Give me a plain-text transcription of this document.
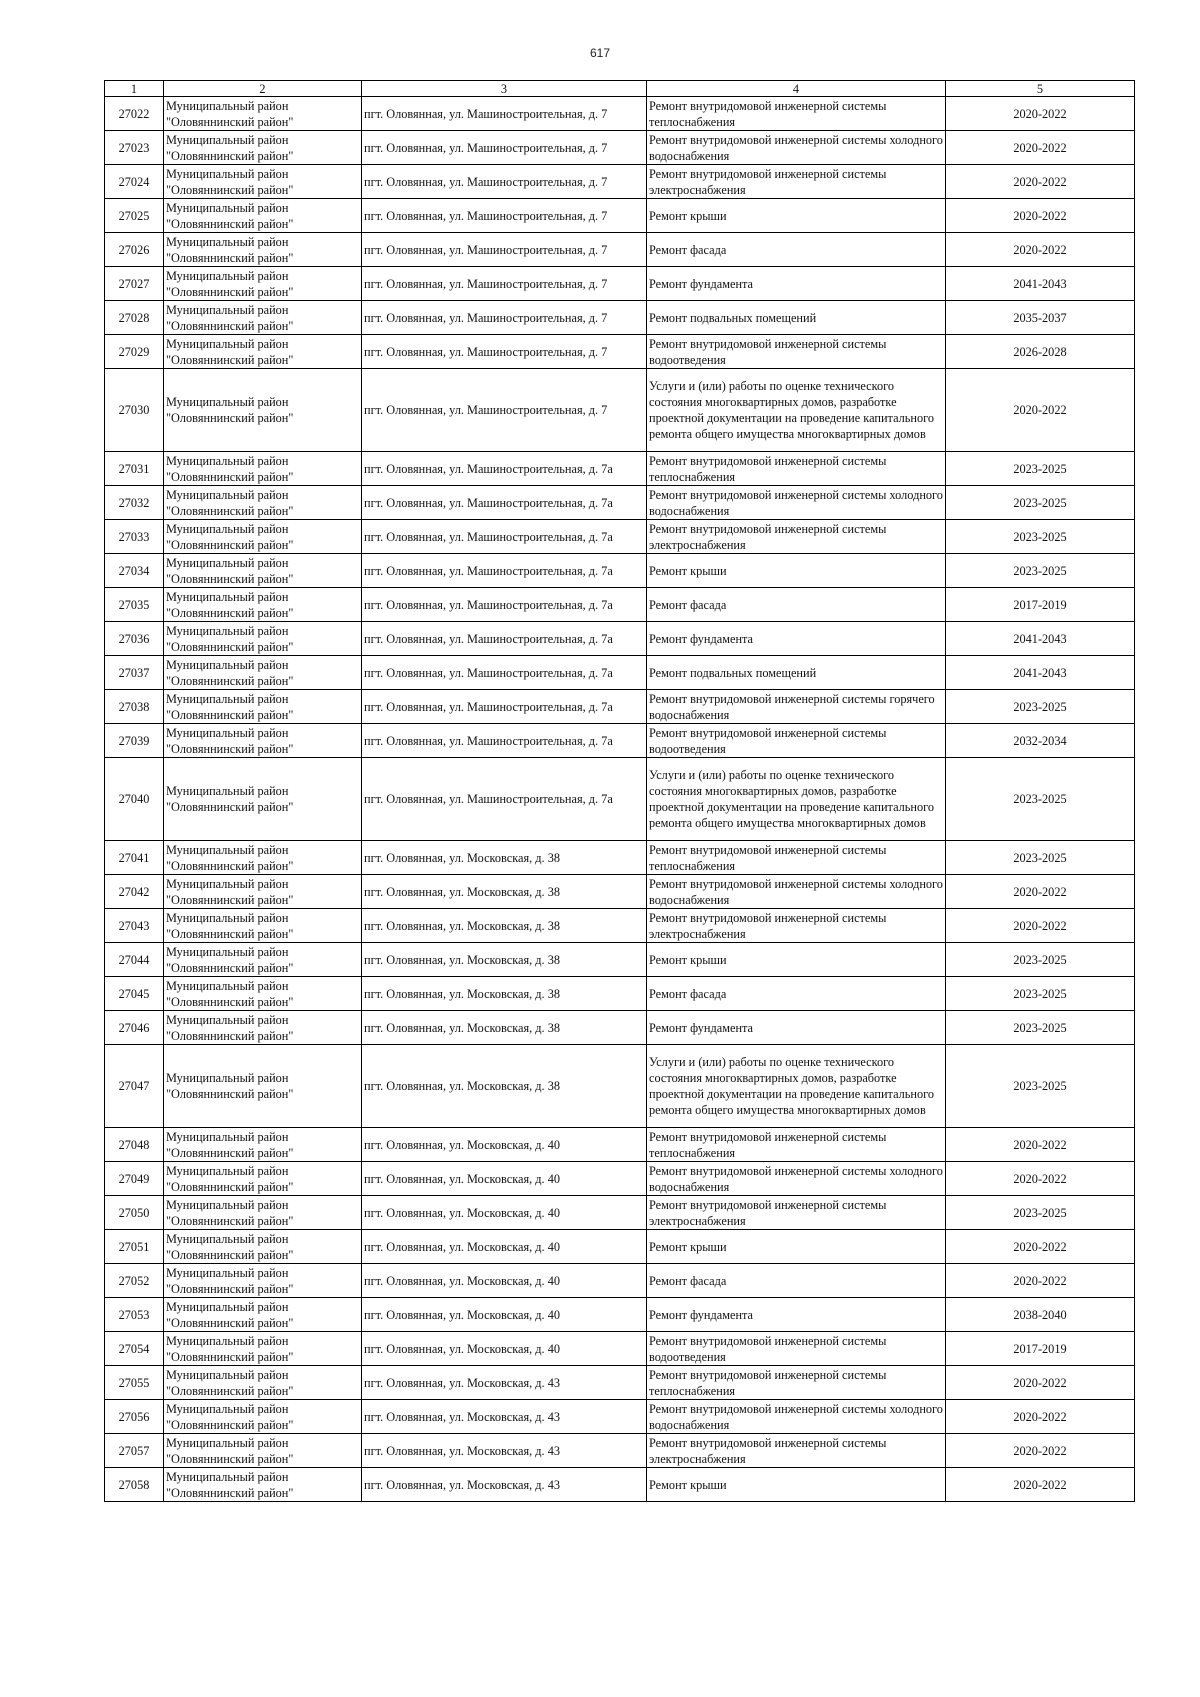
617
1	2	3	4	5
27022	Муниципальный район "Оловяннинский район"	пгт. Оловянная, ул. Машиностроительная, д. 7	Ремонт внутридомовой инженерной системы теплоснабжения	2020-2022
27023	Муниципальный район "Оловяннинский район"	пгт. Оловянная, ул. Машиностроительная, д. 7	Ремонт внутридомовой инженерной системы холодного водоснабжения	2020-2022
27024	Муниципальный район "Оловяннинский район"	пгт. Оловянная, ул. Машиностроительная, д. 7	Ремонт внутридомовой инженерной системы электроснабжения	2020-2022
27025	Муниципальный район "Оловяннинский район"	пгт. Оловянная, ул. Машиностроительная, д. 7	Ремонт крыши	2020-2022
27026	Муниципальный район "Оловяннинский район"	пгт. Оловянная, ул. Машиностроительная, д. 7	Ремонт фасада	2020-2022
27027	Муниципальный район "Оловяннинский район"	пгт. Оловянная, ул. Машиностроительная, д. 7	Ремонт фундамента	2041-2043
27028	Муниципальный район "Оловяннинский район"	пгт. Оловянная, ул. Машиностроительная, д. 7	Ремонт подвальных помещений	2035-2037
27029	Муниципальный район "Оловяннинский район"	пгт. Оловянная, ул. Машиностроительная, д. 7	Ремонт внутридомовой инженерной системы водоотведения	2026-2028
27030	Муниципальный район "Оловяннинский район"	пгт. Оловянная, ул. Машиностроительная, д. 7	Услуги и (или) работы по оценке технического состояния многоквартирных домов, разработке проектной документации на проведение капитального ремонта общего имущества многоквартирных домов	2020-2022
27031	Муниципальный район "Оловяннинский район"	пгт. Оловянная, ул. Машиностроительная, д. 7а	Ремонт внутридомовой инженерной системы теплоснабжения	2023-2025
27032	Муниципальный район "Оловяннинский район"	пгт. Оловянная, ул. Машиностроительная, д. 7а	Ремонт внутридомовой инженерной системы холодного водоснабжения	2023-2025
27033	Муниципальный район "Оловяннинский район"	пгт. Оловянная, ул. Машиностроительная, д. 7а	Ремонт внутридомовой инженерной системы электроснабжения	2023-2025
27034	Муниципальный район "Оловяннинский район"	пгт. Оловянная, ул. Машиностроительная, д. 7а	Ремонт крыши	2023-2025
27035	Муниципальный район "Оловяннинский район"	пгт. Оловянная, ул. Машиностроительная, д. 7а	Ремонт фасада	2017-2019
27036	Муниципальный район "Оловяннинский район"	пгт. Оловянная, ул. Машиностроительная, д. 7а	Ремонт фундамента	2041-2043
27037	Муниципальный район "Оловяннинский район"	пгт. Оловянная, ул. Машиностроительная, д. 7а	Ремонт подвальных помещений	2041-2043
27038	Муниципальный район "Оловяннинский район"	пгт. Оловянная, ул. Машиностроительная, д. 7а	Ремонт внутридомовой инженерной системы горячего водоснабжения	2023-2025
27039	Муниципальный район "Оловяннинский район"	пгт. Оловянная, ул. Машиностроительная, д. 7а	Ремонт внутридомовой инженерной системы водоотведения	2032-2034
27040	Муниципальный район "Оловяннинский район"	пгт. Оловянная, ул. Машиностроительная, д. 7а	Услуги и (или) работы по оценке технического состояния многоквартирных домов, разработке проектной документации на проведение капитального ремонта общего имущества многоквартирных домов	2023-2025
27041	Муниципальный район "Оловяннинский район"	пгт. Оловянная, ул. Московская, д. 38	Ремонт внутридомовой инженерной системы теплоснабжения	2023-2025
27042	Муниципальный район "Оловяннинский район"	пгт. Оловянная, ул. Московская, д. 38	Ремонт внутридомовой инженерной системы холодного водоснабжения	2020-2022
27043	Муниципальный район "Оловяннинский район"	пгт. Оловянная, ул. Московская, д. 38	Ремонт внутридомовой инженерной системы электроснабжения	2020-2022
27044	Муниципальный район "Оловяннинский район"	пгт. Оловянная, ул. Московская, д. 38	Ремонт крыши	2023-2025
27045	Муниципальный район "Оловяннинский район"	пгт. Оловянная, ул. Московская, д. 38	Ремонт фасада	2023-2025
27046	Муниципальный район "Оловяннинский район"	пгт. Оловянная, ул. Московская, д. 38	Ремонт фундамента	2023-2025
27047	Муниципальный район "Оловяннинский район"	пгт. Оловянная, ул. Московская, д. 38	Услуги и (или) работы по оценке технического состояния многоквартирных домов, разработке проектной документации на проведение капитального ремонта общего имущества многоквартирных домов	2023-2025
27048	Муниципальный район "Оловяннинский район"	пгт. Оловянная, ул. Московская, д. 40	Ремонт внутридомовой инженерной системы теплоснабжения	2020-2022
27049	Муниципальный район "Оловяннинский район"	пгт. Оловянная, ул. Московская, д. 40	Ремонт внутридомовой инженерной системы холодного водоснабжения	2020-2022
27050	Муниципальный район "Оловяннинский район"	пгт. Оловянная, ул. Московская, д. 40	Ремонт внутридомовой инженерной системы электроснабжения	2023-2025
27051	Муниципальный район "Оловяннинский район"	пгт. Оловянная, ул. Московская, д. 40	Ремонт крыши	2020-2022
27052	Муниципальный район "Оловяннинский район"	пгт. Оловянная, ул. Московская, д. 40	Ремонт фасада	2020-2022
27053	Муниципальный район "Оловяннинский район"	пгт. Оловянная, ул. Московская, д. 40	Ремонт фундамента	2038-2040
27054	Муниципальный район "Оловяннинский район"	пгт. Оловянная, ул. Московская, д. 40	Ремонт внутридомовой инженерной системы водоотведения	2017-2019
27055	Муниципальный район "Оловяннинский район"	пгт. Оловянная, ул. Московская, д. 43	Ремонт внутридомовой инженерной системы теплоснабжения	2020-2022
27056	Муниципальный район "Оловяннинский район"	пгт. Оловянная, ул. Московская, д. 43	Ремонт внутридомовой инженерной системы холодного водоснабжения	2020-2022
27057	Муниципальный район "Оловяннинский район"	пгт. Оловянная, ул. Московская, д. 43	Ремонт внутридомовой инженерной системы электроснабжения	2020-2022
27058	Муниципальный район "Оловяннинский район"	пгт. Оловянная, ул. Московская, д. 43	Ремонт крыши	2020-2022
